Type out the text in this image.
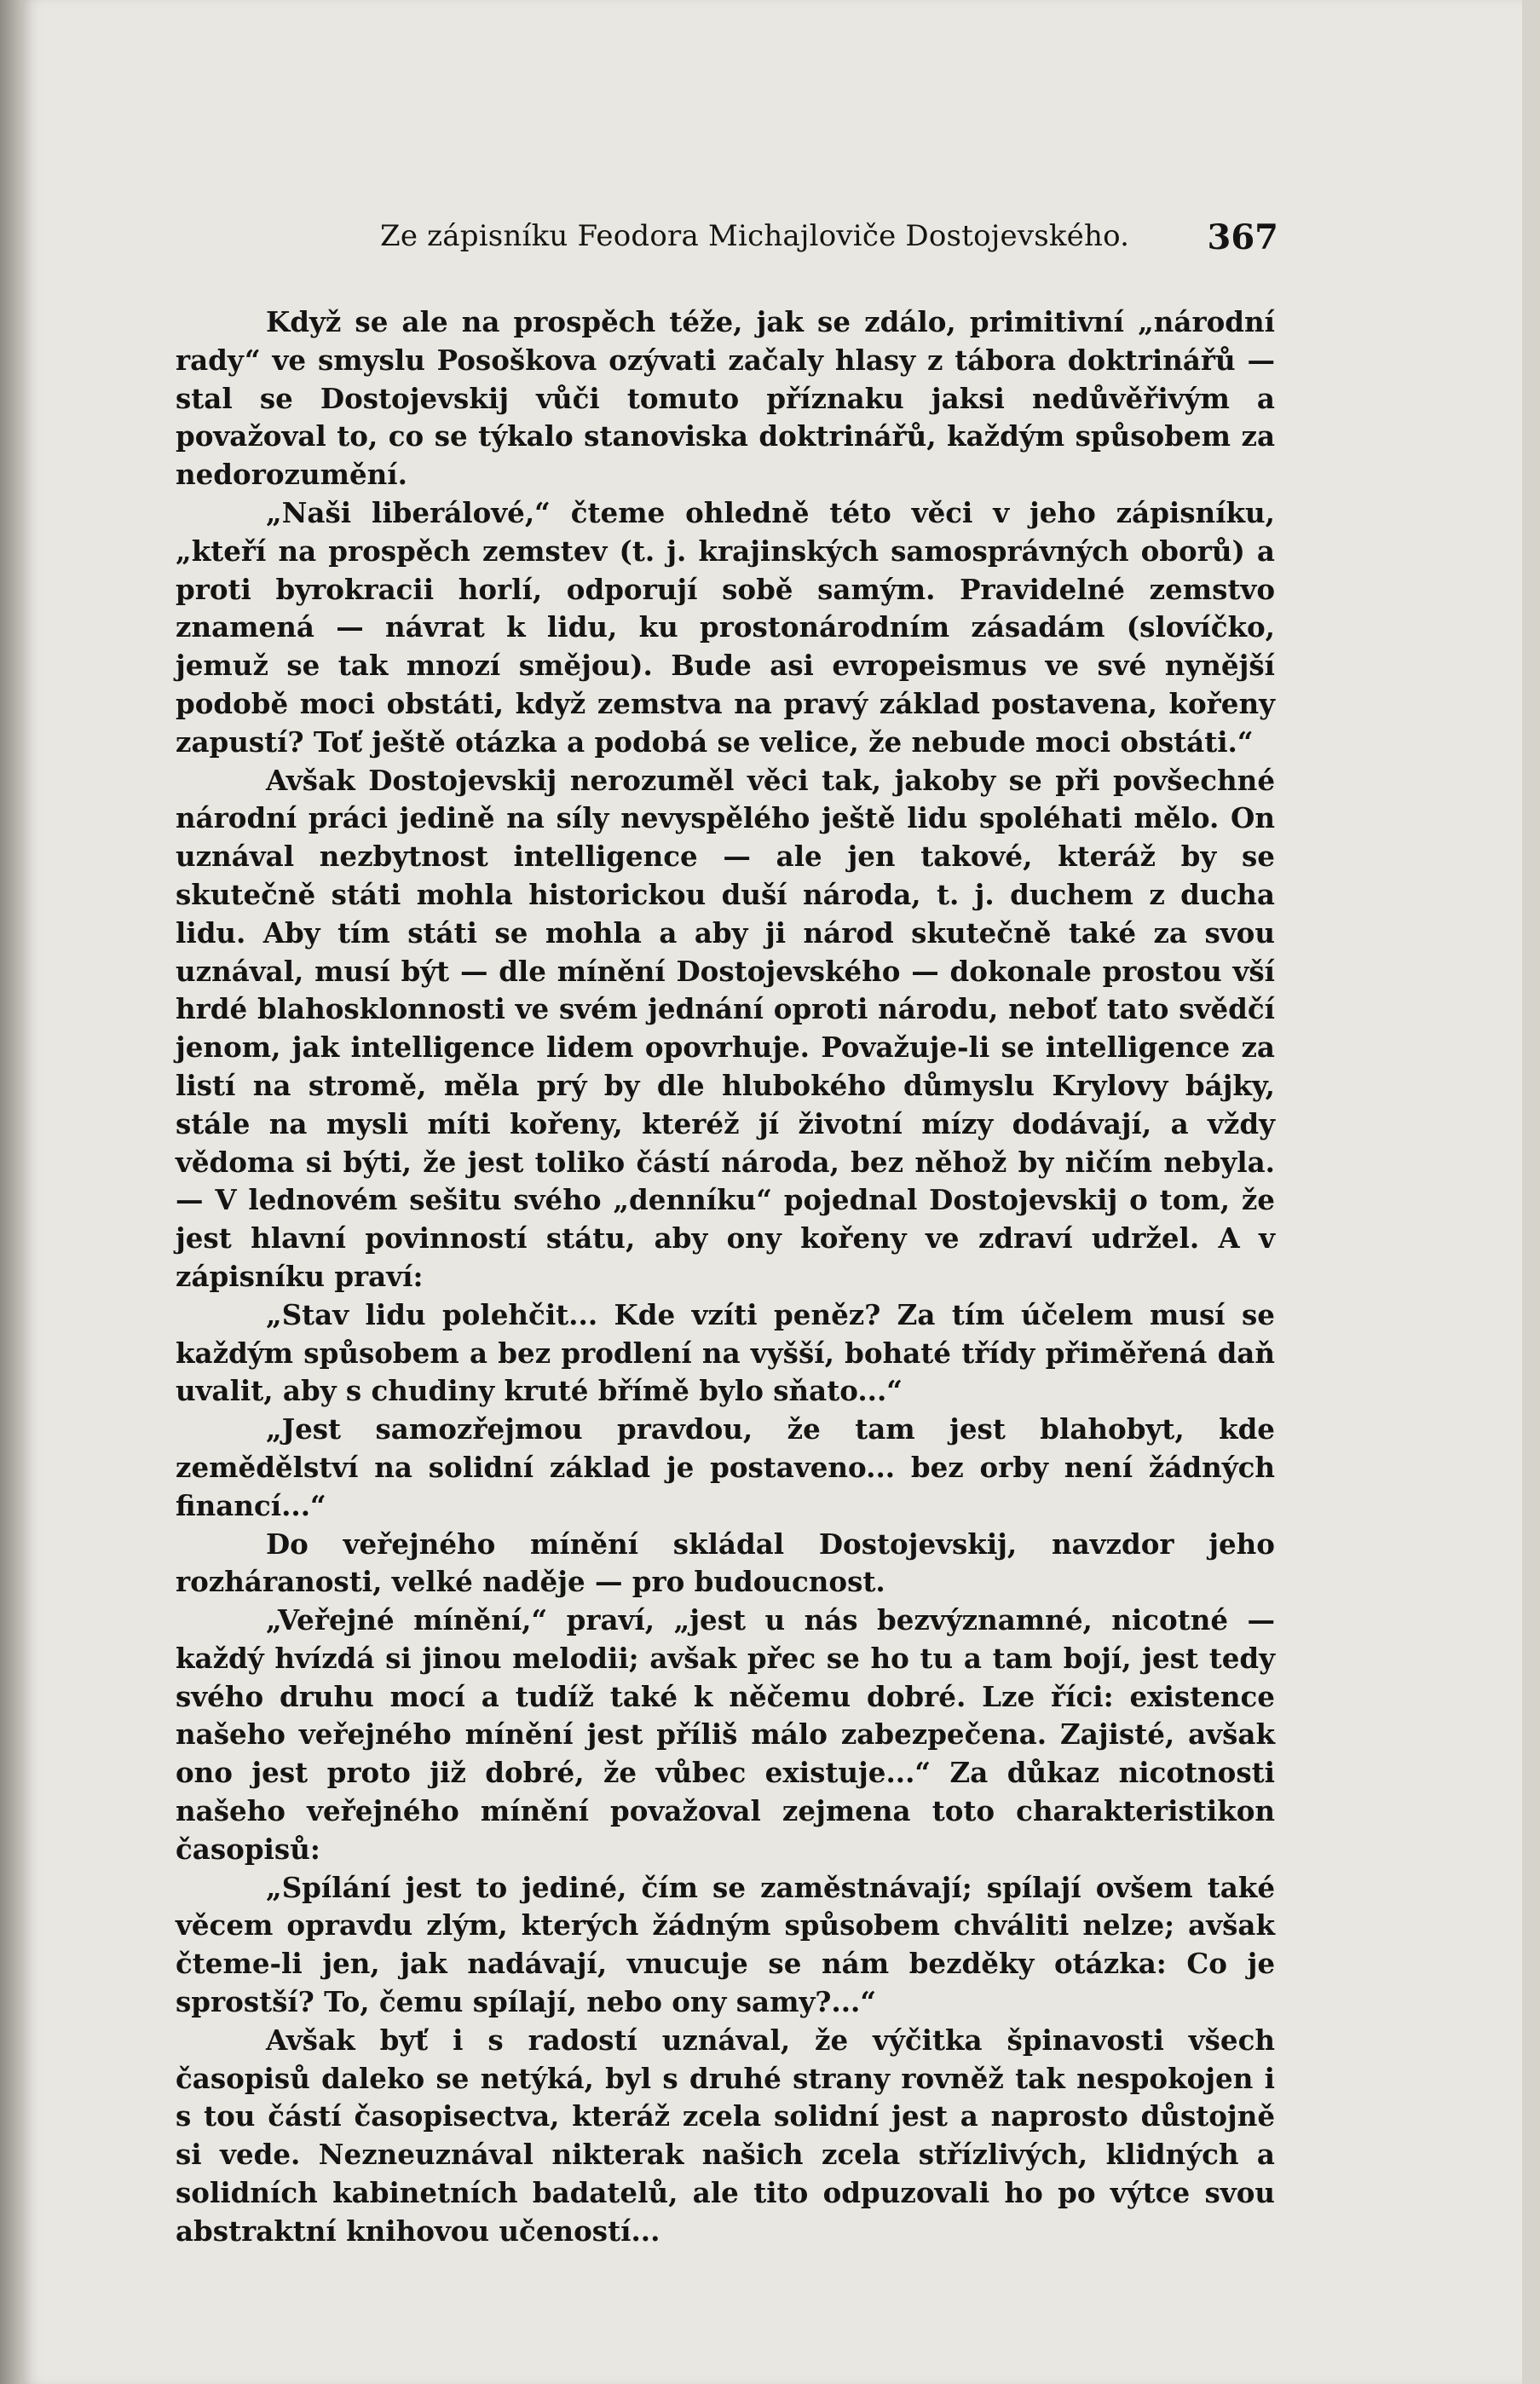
Ze zápisníku Feodora Michajloviče Dostojevského. 367

Když se ale na prospěch téže, jak se zdálo, primitivní „národní rady“ ve smyslu Posoškova ozývati začaly hlasy z tábora doktrinářů — stal se Dostojevskij vůči tomuto příznaku jaksi nedůvěřivým a považoval to, co se týkalo stanoviska doktrinářů, každým spůsobem za nedorozumění.

„Naši liberálové,“ čteme ohledně této věci v jeho zápisníku, „kteří na prospěch zemstev (t. j. krajinských samosprávných oborů) a proti byrokracii horlí, odporují sobě samým. Pravidelné zemstvo znamená — návrat k lidu, ku prostonárodním zásadám (slovíčko, jemuž se tak mnozí smějou). Bude asi evropeismus ve své nynější podobě moci obstáti, když zemstva na pravý základ postavena, kořeny zapustí? Toť ještě otázka a podobá se velice, že nebude moci obstáti.“

Avšak Dostojevskij nerozuměl věci tak, jakoby se při povšechné národní práci jedině na síly nevyspělého ještě lidu spoléhati mělo. On uznával nezbytnost intelligence — ale jen takové, kteráž by se skutečně státi mohla historickou duší národa, t. j. duchem z ducha lidu. Aby tím státi se mohla a aby ji národ skutečně také za svou uznával, musí být — dle mínění Dostojevského — dokonale prostou vší hrdé blahosklonnosti ve svém jednání oproti národu, neboť tato svědčí jenom, jak intelligence lidem opovrhuje. Považuje-li se intelligence za listí na stromě, měla prý by dle hlubokého důmyslu Krylovy bájky, stále na mysli míti kořeny, kteréž jí životní mízy dodávají, a vždy vědoma si býti, že jest toliko částí národa, bez něhož by ničím nebyla. — V lednovém sešitu svého „denníku“ pojednal Dostojevskij o tom, že jest hlavní povinností státu, aby ony kořeny ve zdraví udržel. A v zápisníku praví:

„Stav lidu polehčit... Kde vzíti peněz? Za tím účelem musí se každým spůsobem a bez prodlení na vyšší, bohaté třídy přiměřená daň uvalit, aby s chudiny kruté břímě bylo sňato...“

„Jest samozřejmou pravdou, že tam jest blahobyt, kde zemědělství na solidní základ je postaveno... bez orby není žádných financí...“

Do veřejného mínění skládal Dostojevskij, navzdor jeho rozháranosti, velké naděje — pro budoucnost.

„Veřejné mínění,“ praví, „jest u nás bezvýznamné, nicotné — každý hvízdá si jinou melodii; avšak přec se ho tu a tam bojí, jest tedy svého druhu mocí a tudíž také k něčemu dobré. Lze říci: existence našeho veřejného mínění jest příliš málo zabezpečena. Zajisté, avšak ono jest proto již dobré, že vůbec existuje...“ Za důkaz nicotnosti našeho veřejného mínění považoval zejmena toto charakteristikon časopisů:

„Spílání jest to jediné, čím se zaměstnávají; spílají ovšem také věcem opravdu zlým, kterých žádným spůsobem chváliti nelze; avšak čteme-li jen, jak nadávají, vnucuje se nám bezděky otázka: Co je sprostší? To, čemu spílají, nebo ony samy?...“

Avšak byť i s radostí uznával, že výčitka špinavosti všech časopisů daleko se netýká, byl s druhé strany rovněž tak nespokojen i s tou částí časopisectva, kteráž zcela solidní jest a naprosto důstojně si vede. Nezneuznával nikterak našich zcela střízlivých, klidných a solidních kabinetních badatelů, ale tito odpuzovali ho po výtce svou abstraktní knihovou učeností...
